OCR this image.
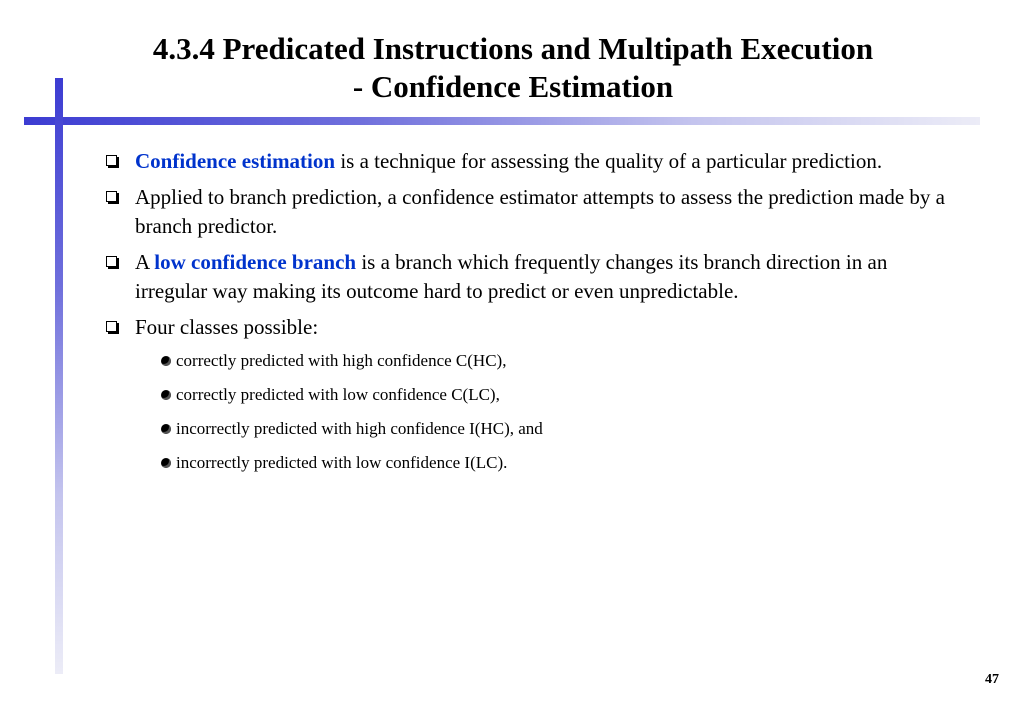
4.3.4 Predicated Instructions and Multipath Execution
- Confidence Estimation
Confidence estimation is a technique for assessing the quality of a particular prediction.
Applied to branch prediction, a confidence estimator attempts to assess the prediction made by a branch predictor.
A low confidence branch is a branch which frequently changes its branch direction in an irregular way making its outcome hard to predict or even unpredictable.
Four classes possible:
correctly predicted with high confidence C(HC),
correctly predicted with low confidence C(LC),
incorrectly predicted with high confidence I(HC), and
incorrectly predicted with low confidence I(LC).
47
